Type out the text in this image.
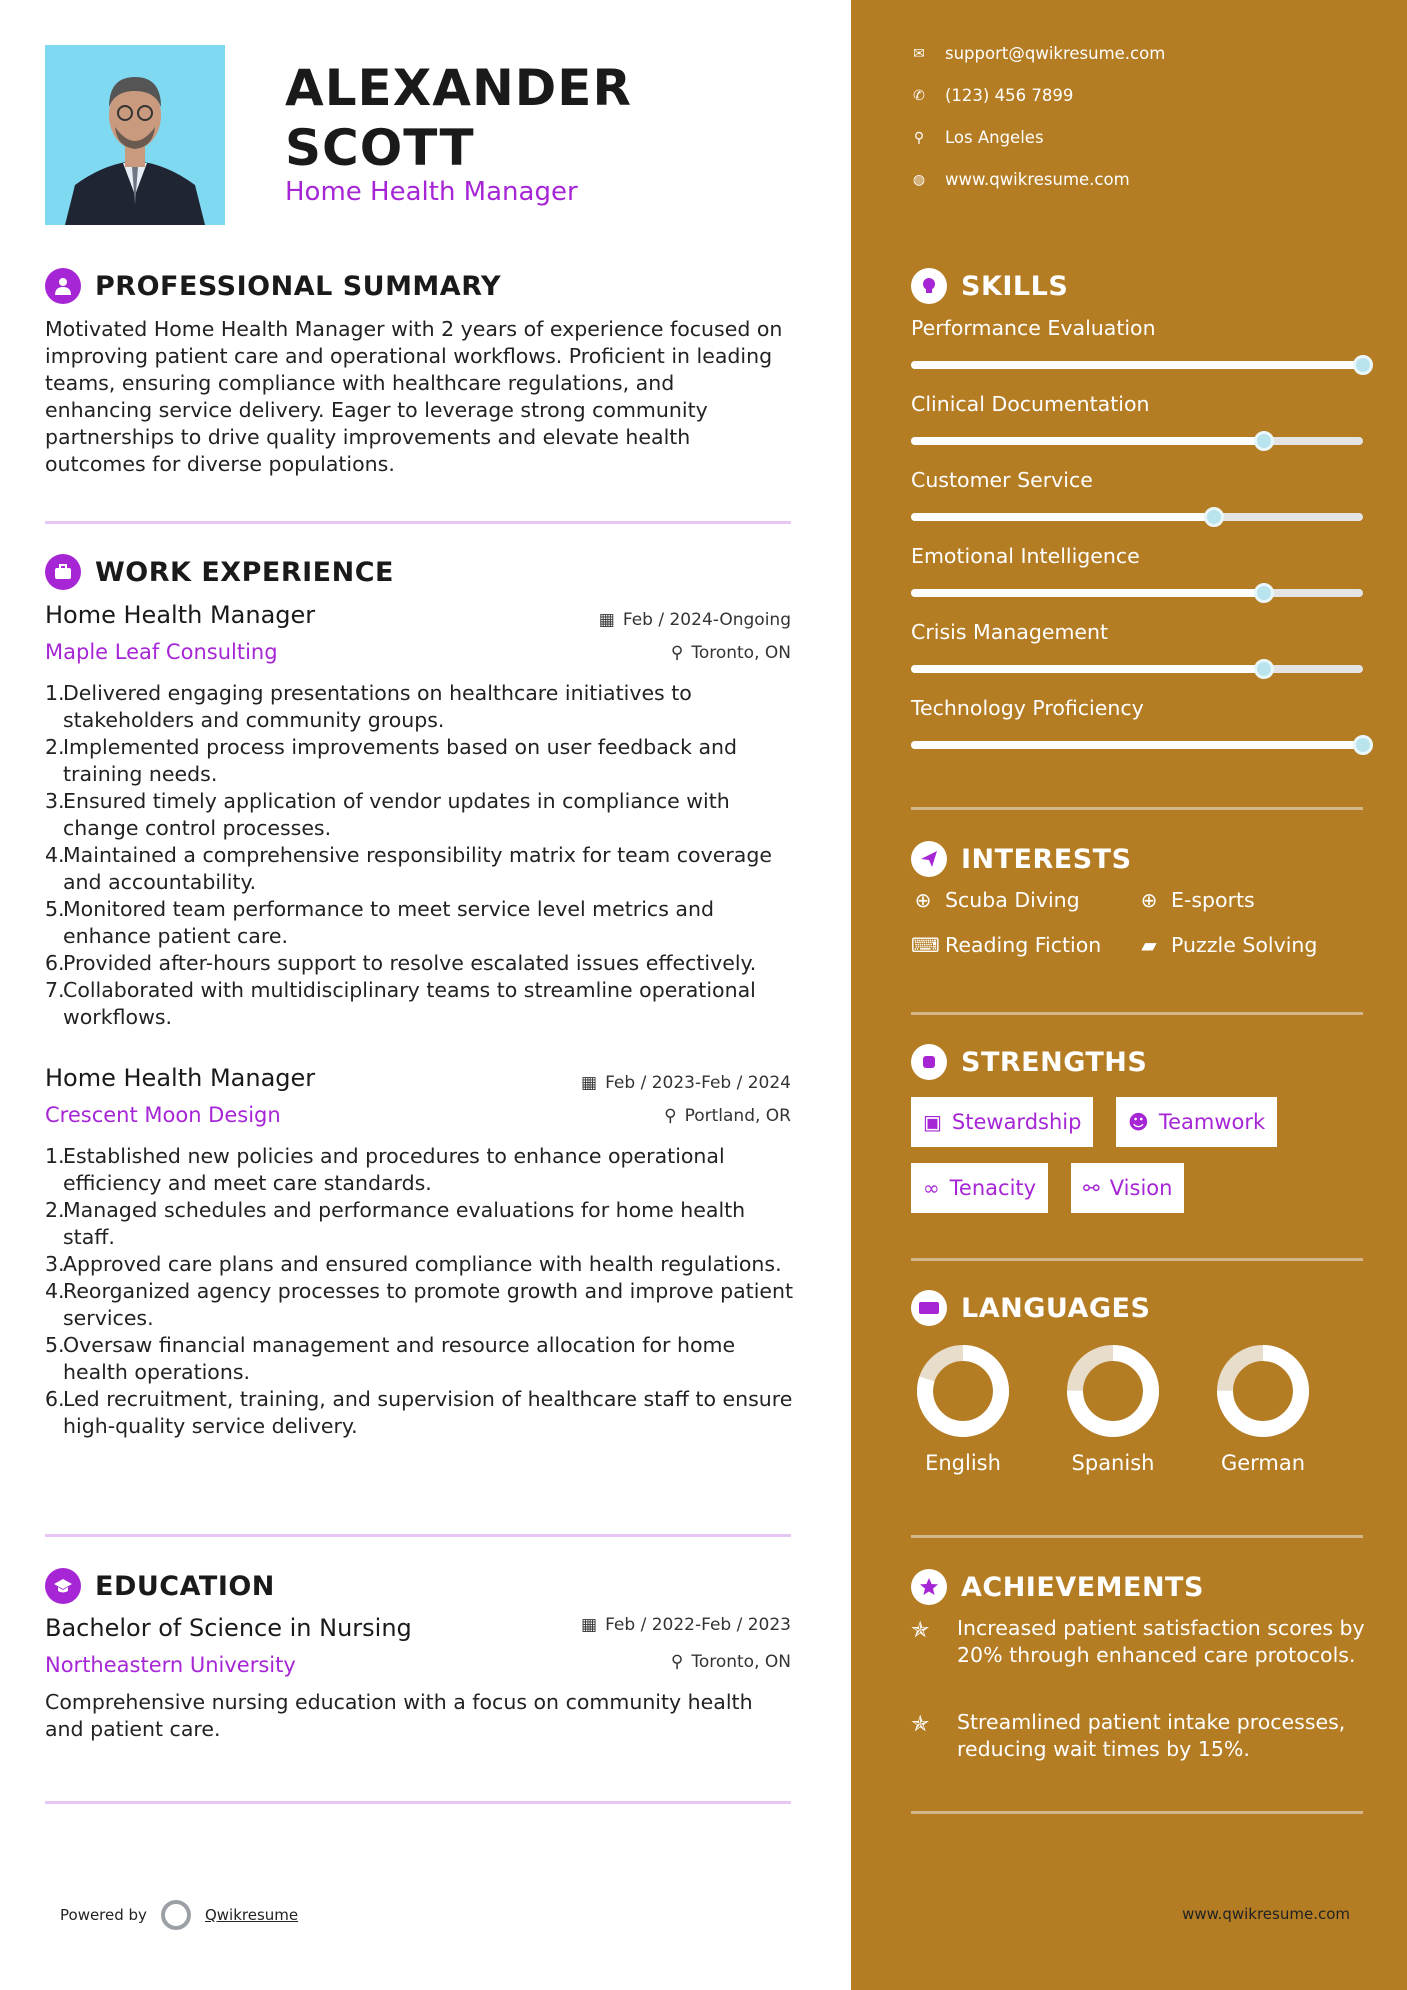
ALEXANDER
SCOTT
Home Health Manager
PROFESSIONAL SUMMARY
Motivated Home Health Manager with 2 years of experience focused on improving patient care and operational workflows. Proficient in leading teams, ensuring compliance with healthcare regulations, and enhancing service delivery. Eager to leverage strong community partnerships to drive quality improvements and elevate health outcomes for diverse populations.
WORK EXPERIENCE
Home Health Manager	▦ Feb / 2024-Ongoing
Maple Leaf Consulting	⚲ Toronto, ON
1.
Delivered engaging presentations on healthcare initiatives to stakeholders and community groups.
2.
Implemented process improvements based on user feedback and training needs.
3.
Ensured timely application of vendor updates in compliance with change control processes.
4.
Maintained a comprehensive responsibility matrix for team coverage and accountability.
5.
Monitored team performance to meet service level metrics and enhance patient care.
6.
Provided after-hours support to resolve escalated issues effectively.
7.
Collaborated with multidisciplinary teams to streamline operational workflows.
Home Health Manager	▦ Feb / 2023-Feb / 2024
Crescent Moon Design	⚲ Portland, OR
1.
Established new policies and procedures to enhance operational efficiency and meet care standards.
2.
Managed schedules and performance evaluations for home health staff.
3.
Approved care plans and ensured compliance with health regulations.
4.
Reorganized agency processes to promote growth and improve patient services.
5.
Oversaw financial management and resource allocation for home health operations.
6.
Led recruitment, training, and supervision of healthcare staff to ensure high-quality service delivery.
EDUCATION
Bachelor of Science in Nursing	▦ Feb / 2022-Feb / 2023
Northeastern University	⚲ Toronto, ON
Comprehensive nursing education with a focus on community health and patient care.
Powered by	Qwikresume
✉ support@qwikresume.com
✆ (123) 456 7899
⚲ Los Angeles
◍ www.qwikresume.com
SKILLS
Performance Evaluation
Clinical Documentation
Customer Service
Emotional Intelligence
Crisis Management
Technology Proficiency
INTERESTS
⊕ Scuba Diving	⊕ E-sports
⌨ Reading Fiction ▰ Puzzle Solving
STRENGTHS
▣ Stewardship ☻ Teamwork
∞ Tenacity ⚯ Vision
LANGUAGES
English	Spanish	German
ACHIEVEMENTS
✯	Increased patient satisfaction scores by 20% through enhanced care protocols.
✯	Streamlined patient intake processes, reducing wait times by 15%.
www.qwikresume.com
